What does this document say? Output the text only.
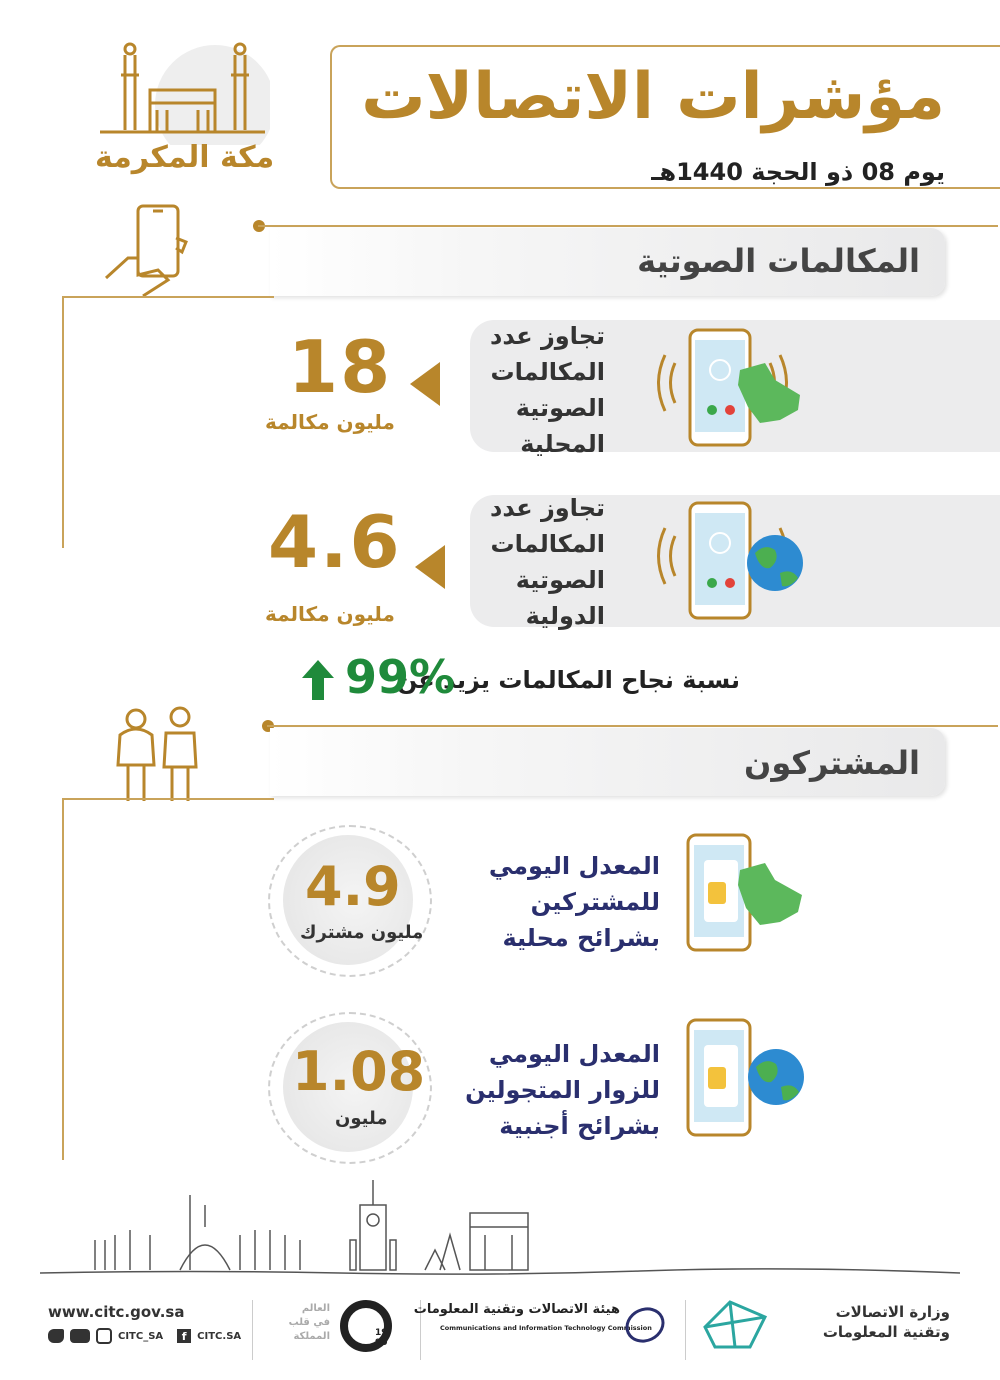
مكة المكرمة
مؤشرات الاتصالات
يوم 08 ذو الحجة 1440هـ
المكالمات الصوتية
تجاوز عدد
المكالمات
الصوتية
المحلية
18
مليون مكالمة
تجاوز عدد
المكالمات
الصوتية
الدولية
4.6
مليون مكالمة
نسبة نجاح المكالمات يزيد عن
99%
المشتركون
المعدل اليومي
للمشتركين
بشرائح محلية
4.9
مليون مشترك
المعدل اليومي
للزوار المتجولين
بشرائح أجنبية
1.08
مليون
www.citc.gov.sa
CITC_SA	f	CITC.SA
العالم
في قلب
المملكة	19
90
هيئة الاتصالات وتقنية المعلومات
Communications and Information Technology Commission
وزارة الاتصالات
وتقنية المعلومات
